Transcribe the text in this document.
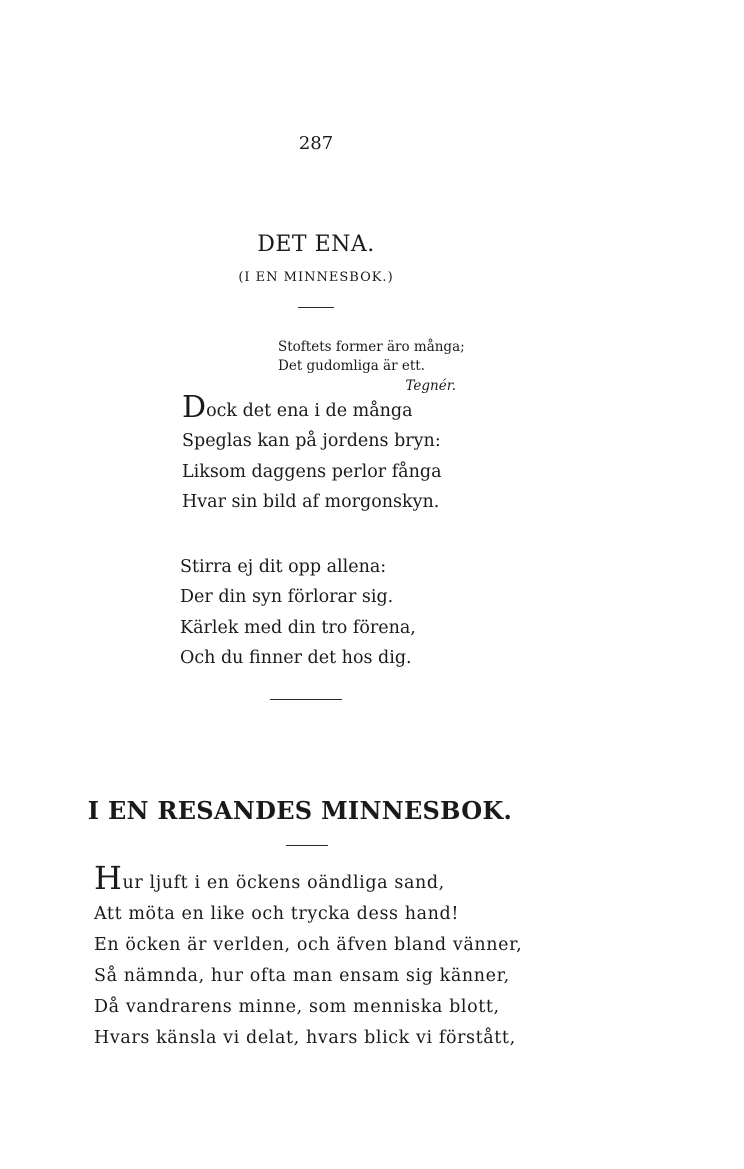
287
DET ENA.
(I EN MINNESBOK.)
Stoftets former äro många;
Det gudomliga är ett.
Tegnér.
Dock det ena i de många
Speglas kan på jordens bryn:
Liksom daggens perlor fånga
Hvar sin bild af morgonskyn.
Stirra ej dit opp allena:
Der din syn förlorar sig.
Kärlek med din tro förena,
Och du finner det hos dig.
I EN RESANDES MINNESBOK.
Hur ljuft i en öckens oändliga sand,
Att möta en like och trycka dess hand!
En öcken är verlden, och äfven bland vänner,
Så nämnda, hur ofta man ensam sig känner,
Då vandrarens minne, som menniska blott,
Hvars känsla vi delat, hvars blick vi förstått,
